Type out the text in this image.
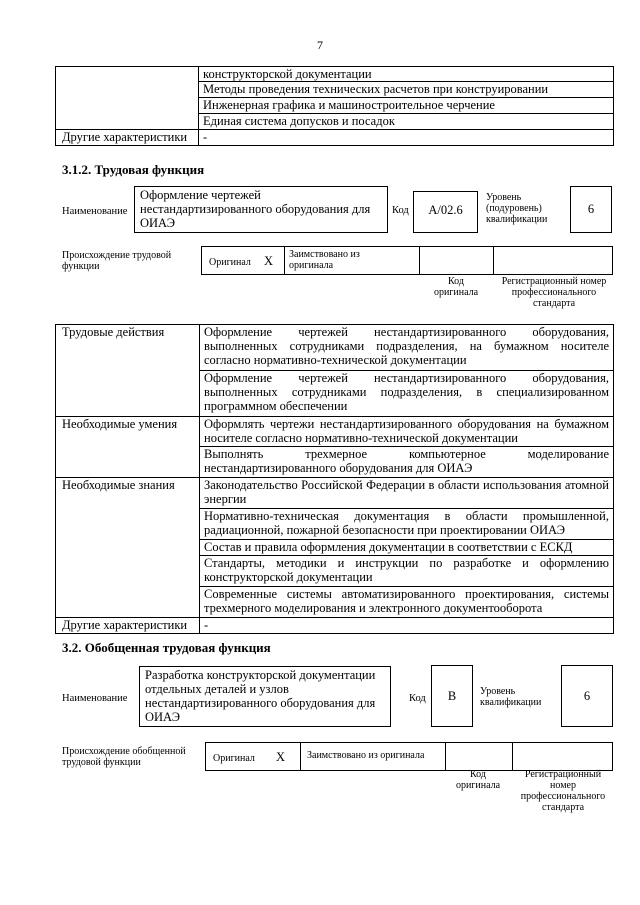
7
	конструкторской документации
	Методы проведения технических расчетов при конструировании
	Инженерная графика и машиностроительное черчение
	Единая система допусков и посадок
Другие характеристики	-
3.1.2. Трудовая функция
Наименование
Оформление чертежей нестандартизированного оборудования для ОИАЭ
Код	А/02.6
Уровень (подуровень) квалификации
6
Происхождение трудовой функции	Оригинал Х Заимствовано из оригинала
Код оригинала
Регистрационный номер профессионального стандарта
Трудовые действия	Оформление чертежей нестандартизированного оборудования, выполненных сотрудниками подразделения, на бумажном носителе согласно нормативно-технической документации
	Оформление чертежей нестандартизированного оборудования, выполненных сотрудниками подразделения, в специализированном программном обеспечении
Необходимые умения	Оформлять чертежи нестандартизированного оборудования на бумажном носителе согласно нормативно-технической документации
	Выполнять трехмерное компьютерное моделирование нестандартизированного оборудования для ОИАЭ
Необходимые знания	Законодательство Российской Федерации в области использования атомной энергии
	Нормативно-техническая документация в области промышленной, радиационной, пожарной безопасности при проектировании ОИАЭ
	Состав и правила оформления документации в соответствии с ЕСКД
	Стандарты, методики и инструкции по разработке и оформлению конструкторской документации
	Современные системы автоматизированного проектирования, системы трехмерного моделирования и электронного документооборота
Другие характеристики	-
3.2. Обобщенная трудовая функция
Наименование
Разработка конструкторской документации отдельных деталей и узлов нестандартизированного оборудования для ОИАЭ
Код	B	Уровень квалификации	6
Происхождение обобщенной трудовой функции	Оригинал Х Заимствовано из оригинала
Код оригинала
Регистрационный номер профессионального стандарта
